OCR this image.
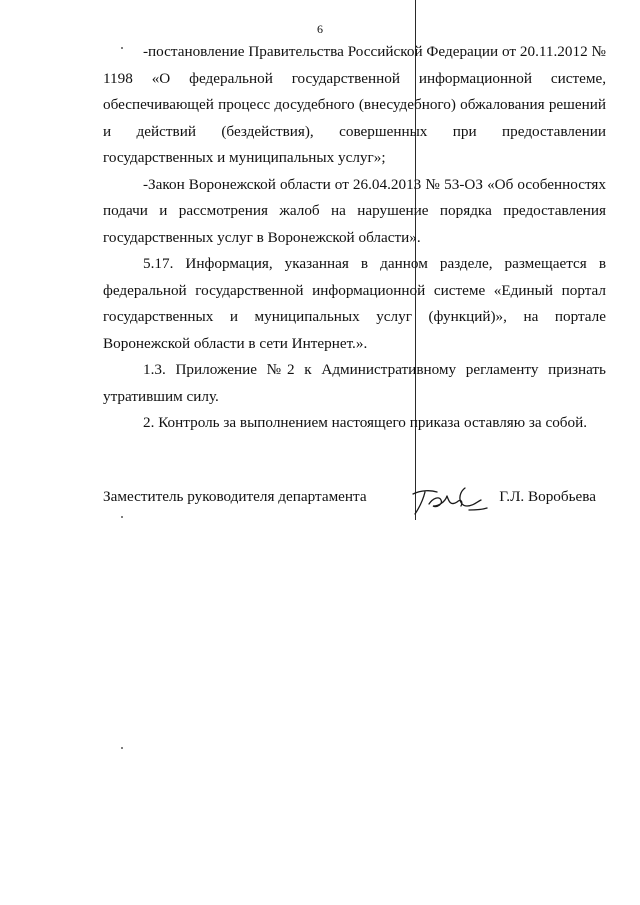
6

-постановление Правительства Российской Федерации от 20.11.2012 № 1198 «О федеральной государственной информационной системе, обеспечивающей процесс досудебного (внесудебного) обжалования решений и действий (бездействия), совершенных при предоставлении государственных и муниципальных услуг»;

-Закон Воронежской области от 26.04.2013 № 53-ОЗ «Об особенностях подачи и рассмотрения жалоб на нарушение порядка предоставления государственных услуг в Воронежской области».

5.17. Информация, указанная в данном разделе, размещается в федеральной государственной информационной системе «Единый портал государственных и муниципальных услуг (функций)», на портале Воронежской области в сети Интернет.».

1.3. Приложение №2 к Административному регламенту признать утратившим силу.

2. Контроль за выполнением настоящего приказа оставляю за собой.

Заместитель руководителя департамента	Г.Л. Воробьева
